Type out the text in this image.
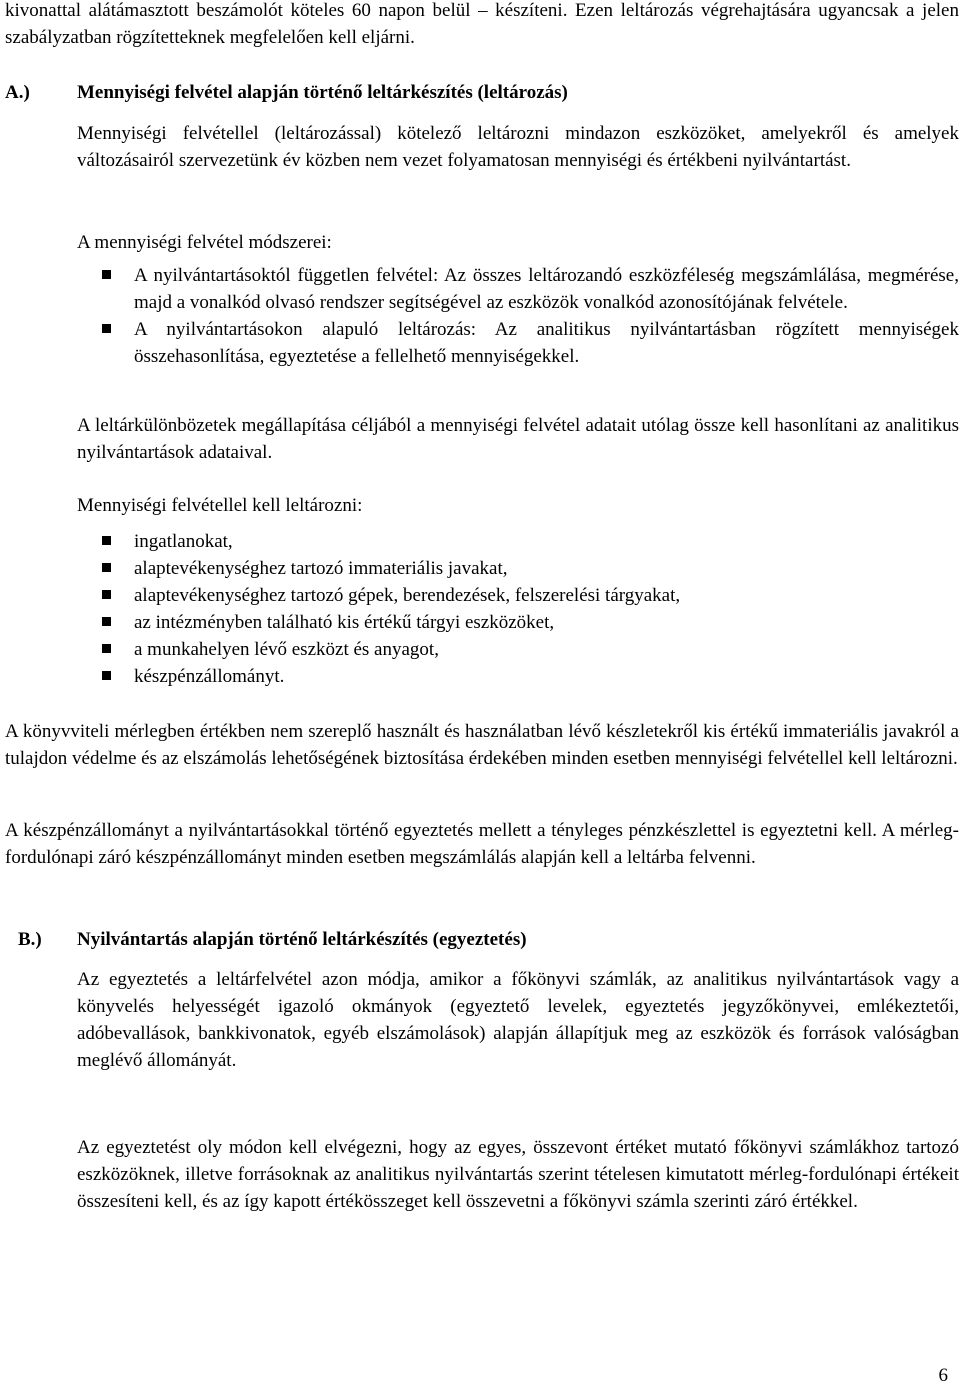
kivonattal alátámasztott beszámolót köteles 60 napon belül – készíteni. Ezen leltározás végrehajtására ugyancsak a jelen szabályzatban rögzítetteknek megfelelően kell eljárni.

A.) Mennyiségi felvétel alapján történő leltárkészítés (leltározás)

Mennyiségi felvétellel (leltározással) kötelező leltározni mindazon eszközöket, amelyekről és amelyek változásairól szervezetünk év közben nem vezet folyamatosan mennyiségi és értékbeni nyilvántartást.

A mennyiségi felvétel módszerei:

A nyilvántartásoktól független felvétel: Az összes leltározandó eszközféleség megszámlálása, megmérése, majd a vonalkód olvasó rendszer segítségével az eszközök vonalkód azonosítójának felvétele.
A nyilvántartásokon alapuló leltározás: Az analitikus nyilvántartásban rögzített mennyiségek összehasonlítása, egyeztetése a fellelhető mennyiségekkel.

A leltárkülönbözetek megállapítása céljából a mennyiségi felvétel adatait utólag össze kell hasonlítani az analitikus nyilvántartások adataival.

Mennyiségi felvétellel kell leltározni:

ingatlanokat,
alaptevékenységhez tartozó immateriális javakat,
alaptevékenységhez tartozó gépek, berendezések, felszerelési tárgyakat,
az intézményben található kis értékű tárgyi eszközöket,
a munkahelyen lévő eszközt és anyagot,
készpénzállományt.

A könyvviteli mérlegben értékben nem szereplő használt és használatban lévő készletekről kis értékű immateriális javakról a tulajdon védelme és az elszámolás lehetőségének biztosítása érdekében minden esetben mennyiségi felvétellel kell leltározni.

A készpénzállományt a nyilvántartásokkal történő egyeztetés mellett a tényleges pénzkészlettel is egyeztetni kell. A mérleg-fordulónapi záró készpénzállományt minden esetben megszámlálás alapján kell a leltárba felvenni.

B.) Nyilvántartás alapján történő leltárkészítés (egyeztetés)

Az egyeztetés a leltárfelvétel azon módja, amikor a főkönyvi számlák, az analitikus nyilvántartások vagy a könyvelés helyességét igazoló okmányok (egyeztető levelek, egyeztetés jegyzőkönyvei, emlékeztetői, adóbevallások, bankkivonatok, egyéb elszámolások) alapján állapítjuk meg az eszközök és források valóságban meglévő állományát.

Az egyeztetést oly módon kell elvégezni, hogy az egyes, összevont értéket mutató főkönyvi számlákhoz tartozó eszközöknek, illetve forrásoknak az analitikus nyilvántartás szerint tételesen kimutatott mérleg-fordulónapi értékeit összesíteni kell, és az így kapott értékösszeget kell összevetni a főkönyvi számla szerinti záró értékkel.

6
